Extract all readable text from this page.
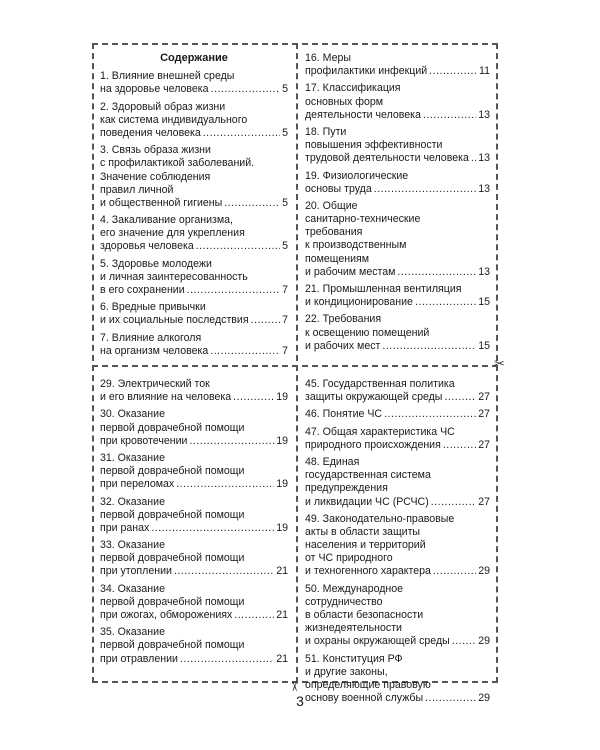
Содержание
1. Влияние внешней среды
на здоровье человека .....	5
2. Здоровый образ жизни
как система индивидуального
поведения человека .....	5
3. Связь образа жизни
с профилактикой заболеваний.
Значение соблюдения
правил личной
и общественной гигиены .....	5
4. Закаливание организма,
его значение для укрепления
здоровья человека .....	5
5. Здоровье молодежи
и личная заинтересованность
в его сохранении .....	7
6. Вредные привычки
и их социальные последствия .....	7
7. Влияние алкоголя
на организм человека .....	7
16. Меры
профилактики инфекций .....	11
17. Классификация
основных форм
деятельности человека .....	13
18. Пути
повышения эффективности
трудовой деятельности человека ..... 13
19. Физиологические
основы труда .....	13
20. Общие
санитарно-технические
требования
к производственным
помещениям
и рабочим местам .....	13
21. Промышленная вентиляция
и кондиционирование .....	15
22. Требования
к освещению помещений
и рабочих мест .....	15
29. Электрический ток
и его влияние на человека .....	19
30. Оказание
первой доврачебной помощи
при кровотечении .....	19
31. Оказание
первой доврачебной помощи
при переломах .....	19
32. Оказание
первой доврачебной помощи
при ранах .....	19
33. Оказание
первой доврачебной помощи
при утоплении .....	21
34. Оказание
первой доврачебной помощи
при ожогах, обморожениях .....	21
35. Оказание
первой доврачебной помощи
при отравлении .....	21
45. Государственная политика
защиты окружающей среды .....	27
46. Понятие ЧС .....	27
47. Общая характеристика ЧС
природного происхождения .....	27
48. Единая
государственная система
предупреждения
и ликвидации ЧС (РСЧС) .....	27
49. Законодательно-правовые
акты в области защиты
населения и территорий
от ЧС природного
и техногенного характера .....	29
50. Международное
сотрудничество
в области безопасности
жизнедеятельности
и охраны окружающей среды .....	29
51. Конституция РФ
и другие законы,
определяющие правовую
основу военной службы .....	29
✂
✂
3
